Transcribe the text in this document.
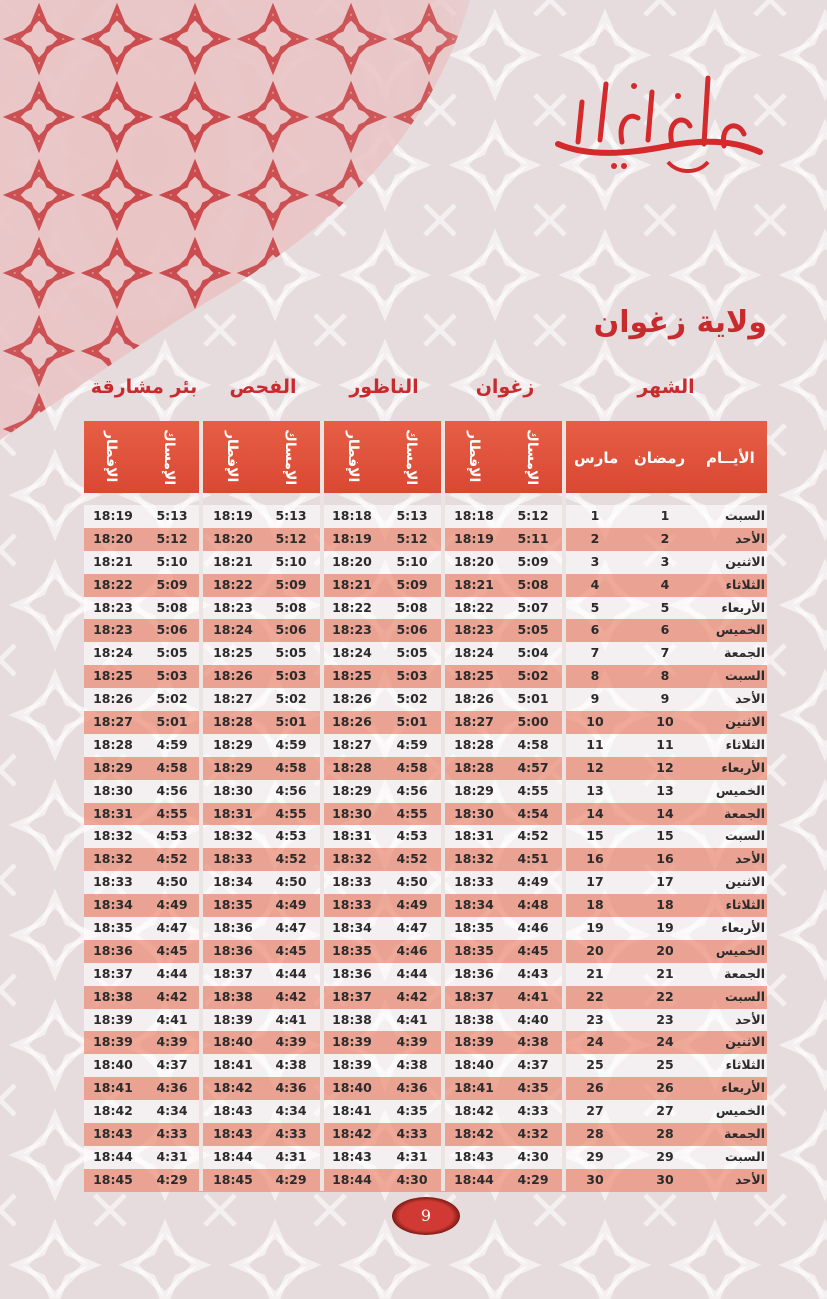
ولاية زغوان
الشهر
زغوان
الناظور
الفحص
بئر مشارقة
الأيــام
رمضان
مارس
الإمساك
الإفطار
الإمساك
الإفطار
الإمساك
الإفطار
الإمساك
الإفطار
السبت
1
1
5:12
18:18
5:13
18:18
5:13
18:19
5:13
18:19
الأحد
2
2
5:11
18:19
5:12
18:19
5:12
18:20
5:12
18:20
الاثنين
3
3
5:09
18:20
5:10
18:20
5:10
18:21
5:10
18:21
الثلاثاء
4
4
5:08
18:21
5:09
18:21
5:09
18:22
5:09
18:22
الأربعاء
5
5
5:07
18:22
5:08
18:22
5:08
18:23
5:08
18:23
الخميس
6
6
5:05
18:23
5:06
18:23
5:06
18:24
5:06
18:23
الجمعة
7
7
5:04
18:24
5:05
18:24
5:05
18:25
5:05
18:24
السبت
8
8
5:02
18:25
5:03
18:25
5:03
18:26
5:03
18:25
الأحد
9
9
5:01
18:26
5:02
18:26
5:02
18:27
5:02
18:26
الاثنين
10
10
5:00
18:27
5:01
18:26
5:01
18:28
5:01
18:27
الثلاثاء
11
11
4:58
18:28
4:59
18:27
4:59
18:29
4:59
18:28
الأربعاء
12
12
4:57
18:28
4:58
18:28
4:58
18:29
4:58
18:29
الخميس
13
13
4:55
18:29
4:56
18:29
4:56
18:30
4:56
18:30
الجمعة
14
14
4:54
18:30
4:55
18:30
4:55
18:31
4:55
18:31
السبت
15
15
4:52
18:31
4:53
18:31
4:53
18:32
4:53
18:32
الأحد
16
16
4:51
18:32
4:52
18:32
4:52
18:33
4:52
18:32
الاثنين
17
17
4:49
18:33
4:50
18:33
4:50
18:34
4:50
18:33
الثلاثاء
18
18
4:48
18:34
4:49
18:33
4:49
18:35
4:49
18:34
الأربعاء
19
19
4:46
18:35
4:47
18:34
4:47
18:36
4:47
18:35
الخميس
20
20
4:45
18:35
4:46
18:35
4:45
18:36
4:45
18:36
الجمعة
21
21
4:43
18:36
4:44
18:36
4:44
18:37
4:44
18:37
السبت
22
22
4:41
18:37
4:42
18:37
4:42
18:38
4:42
18:38
الأحد
23
23
4:40
18:38
4:41
18:38
4:41
18:39
4:41
18:39
الاثنين
24
24
4:38
18:39
4:39
18:39
4:39
18:40
4:39
18:39
الثلاثاء
25
25
4:37
18:40
4:38
18:39
4:38
18:41
4:37
18:40
الأربعاء
26
26
4:35
18:41
4:36
18:40
4:36
18:42
4:36
18:41
الخميس
27
27
4:33
18:42
4:35
18:41
4:34
18:43
4:34
18:42
الجمعة
28
28
4:32
18:42
4:33
18:42
4:33
18:43
4:33
18:43
السبت
29
29
4:30
18:43
4:31
18:43
4:31
18:44
4:31
18:44
الأحد
30
30
4:29
18:44
4:30
18:44
4:29
18:45
4:29
18:45
9
